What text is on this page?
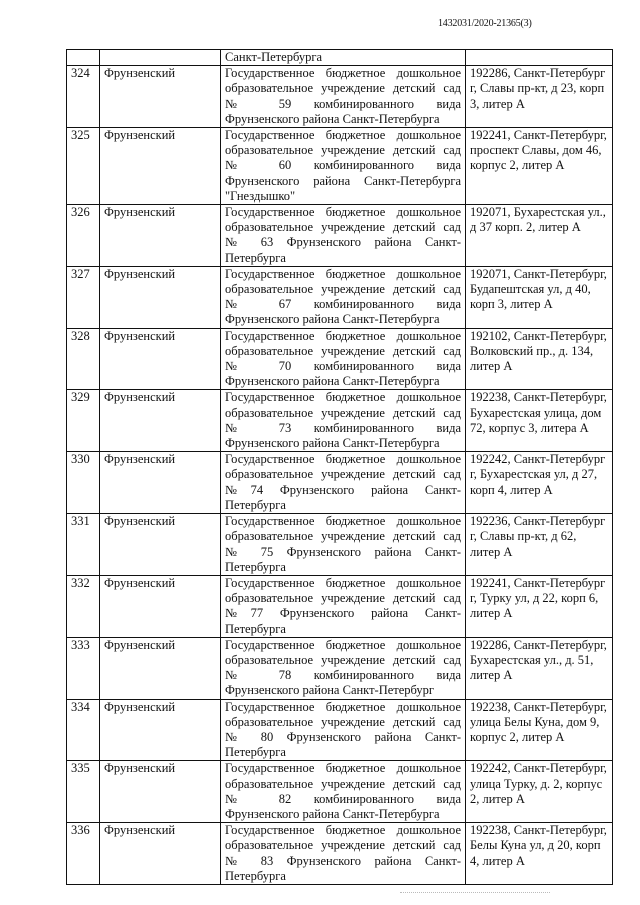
1432031/2020-21365(3)
		Санкт-Петербурга	
324	Фрунзенский	Государственное бюджетное дошкольное образовательное учреждение детский сад № 59 комбинированного вида Фрунзенского района Санкт-Петербурга	192286, Санкт-Петербург г, Славы пр-кт, д 23, корп 3, литер А
325	Фрунзенский	Государственное бюджетное дошкольное образовательное учреждение детский сад № 60 комбинированного вида Фрунзенского района Санкт-Петербурга "Гнездышко"	192241, Санкт-Петербург, проспект Славы, дом 46, корпус 2, литер А
326	Фрунзенский	Государственное бюджетное дошкольное образовательное учреждение детский сад № 63 Фрунзенского района Санкт-Петербурга	192071, Бухарестская ул., д 37 корп. 2, литер А
327	Фрунзенский	Государственное бюджетное дошкольное образовательное учреждение детский сад № 67 комбинированного вида Фрунзенского района Санкт-Петербурга	192071, Санкт-Петербург, Будапештская ул, д 40, корп 3, литер А
328	Фрунзенский	Государственное бюджетное дошкольное образовательное учреждение детский сад № 70 комбинированного вида Фрунзенского района Санкт-Петербурга	192102, Санкт-Петербург, Волковский пр., д. 134, литер А
329	Фрунзенский	Государственное бюджетное дошкольное образовательное учреждение детский сад № 73 комбинированного вида Фрунзенского района Санкт-Петербурга	192238, Санкт-Петербург, Бухарестская улица, дом 72, корпус 3, литера А
330	Фрунзенский	Государственное бюджетное дошкольное образовательное учреждение детский сад №74 Фрунзенского района Санкт-Петербурга	192242, Санкт-Петербург г, Бухарестская ул, д 27, корп 4, литер А
331	Фрунзенский	Государственное бюджетное дошкольное образовательное учреждение детский сад № 75 Фрунзенского района Санкт- Петербурга	192236, Санкт-Петербург г, Славы пр-кт, д 62, литер А
332	Фрунзенский	Государственное бюджетное дошкольное образовательное учреждение детский сад №77 Фрунзенского района Санкт-Петербурга	192241, Санкт-Петербург г, Турку ул, д 22, корп 6, литер А
333	Фрунзенский	Государственное бюджетное дошкольное образовательное учреждение детский сад № 78 комбинированного вида Фрунзенского района Санкт-Петербург	192286, Санкт-Петербург, Бухарестская ул., д. 51, литер А
334	Фрунзенский	Государственное бюджетное дошкольное образовательное учреждение детский сад № 80 Фрунзенского района Санкт-Петербурга	192238, Санкт-Петербург, улица Белы Куна, дом 9, корпус 2, литер А
335	Фрунзенский	Государственное бюджетное дошкольное образовательное учреждение детский сад № 82 комбинированного вида Фрунзенского района Санкт-Петербурга	192242, Санкт-Петербург, улица Турку, д. 2, корпус 2, литер А
336	Фрунзенский	Государственное бюджетное дошкольное образовательное учреждение детский сад № 83 Фрунзенского района Санкт-Петербурга	192238, Санкт-Петербург, Белы Куна ул, д 20, корп 4, литер А
